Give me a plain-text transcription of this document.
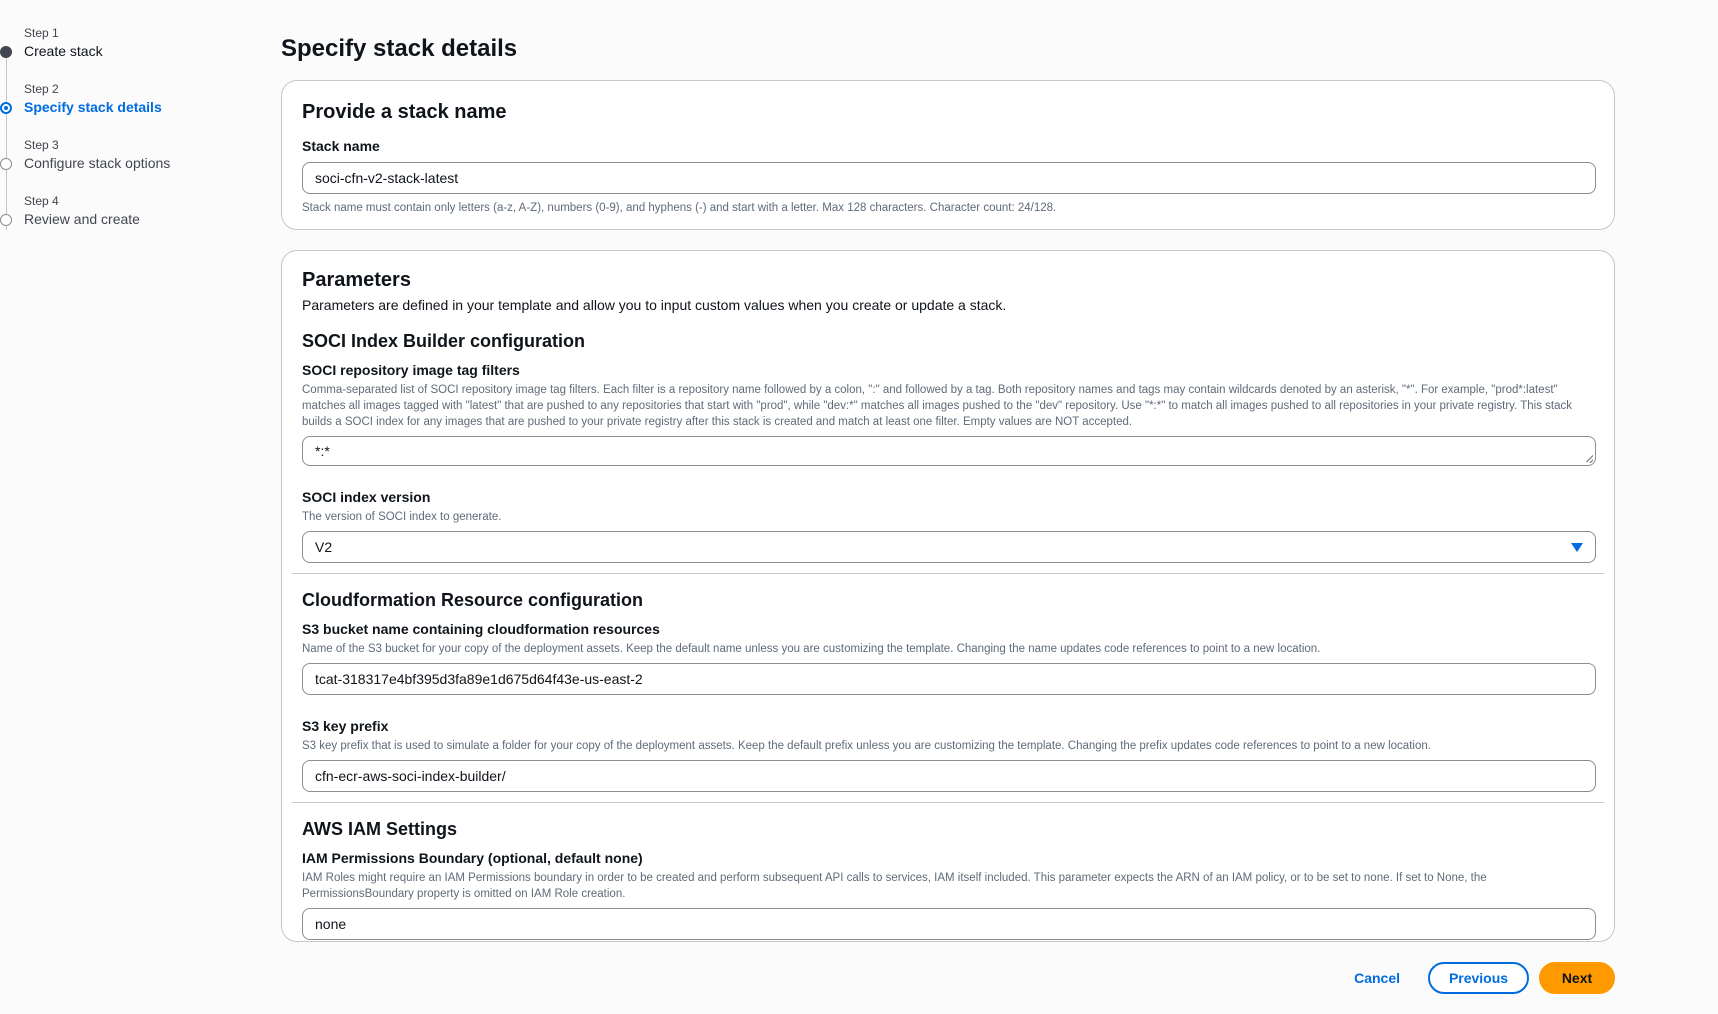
Step 1
Create stack
Step 2
Specify stack details
Step 3
Configure stack options
Step 4
Review and create
Specify stack details
Provide a stack name
Stack name
soci-cfn-v2-stack-latest

Stack name must contain only letters (a-z, A-Z), numbers (0-9), and hyphens (-) and start with a letter. Max 128 characters. Character count: 24/128.

Parameters

Parameters are defined in your template and allow you to input custom values when you create or update a stack.

SOCI Index Builder configuration
SOCI repository image tag filters

Comma-separated list of SOCI repository image tag filters. Each filter is a repository name followed by a colon, ":" and followed by a tag. Both repository names and tags may contain wildcards denoted by an asterisk, "*". For example, "prod*:latest" matches all images tagged with "latest" that are pushed to any repositories that start with "prod", while "dev:*" matches all images pushed to the "dev" repository. Use "*:*" to match all images pushed to all repositories in your private registry. This stack builds a SOCI index for any images that are pushed to your private registry after this stack is created and match at least one filter. Empty values are NOT accepted.

*:*
SOCI index version

The version of SOCI index to generate.

V2
Cloudformation Resource configuration
S3 bucket name containing cloudformation resources

Name of the S3 bucket for your copy of the deployment assets. Keep the default name unless you are customizing the template. Changing the name updates code references to point to a new location.

tcat-318317e4bf395d3fa89e1d675d64f43e-us-east-2
S3 key prefix

S3 key prefix that is used to simulate a folder for your copy of the deployment assets. Keep the default prefix unless you are customizing the template. Changing the prefix updates code references to point to a new location.

cfn-ecr-aws-soci-index-builder/
AWS IAM Settings
IAM Permissions Boundary (optional, default none)

IAM Roles might require an IAM Permissions boundary in order to be created and perform subsequent API calls to services, IAM itself included. This parameter expects the ARN of an IAM policy, or to be set to none. If set to None, the PermissionsBoundary property is omitted on IAM Role creation.

none
Cancel	Previous	Next
